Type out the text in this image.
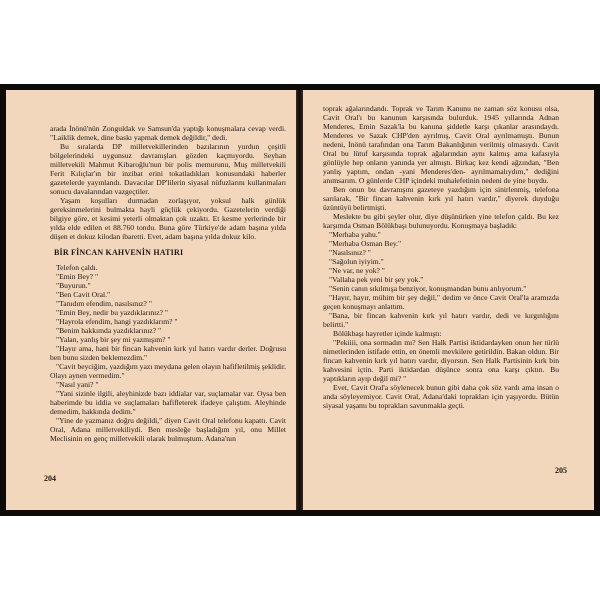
arada İnönü'nün Zonguldak ve Samsun'da yaptığı konuşmalara cevap verdi. "Laiklik demek, dine baskı yapmak demek değildir," dedi.

Bu sıralarda DP milletvekillerinden bazılarının yurdun çeşitli bölgelerindeki uygunsuz davranışları gözden kaçmıyordu. Seyhan milletvekili Mahmut Kibaroğlu'nun bir polis memurunu, Muş milletvekili Ferit Kılıçlar'ın bir inzibat erini tokatladıkları konusundaki haberler gazetelerde yayınlandı. Davacılar DP'lilerin siyasal nüfuzlarını kullanmaları sonucu davalarından vazgeçtiler.

Yaşam koşulları durmadan zorlaşıyor, yoksul halk günlük gereksinmelerini bulmakta hayli güçlük çekiyordu. Gazetelerin verdiği bilgiye göre, et kesimi yeterli olmaktan çok uzaktı. Et kesme yerlerinde bir yılda elde edilen et 88.760 tondu. Buna göre Türkiye'de adam başına yılda düşen et dokuz kilodan ibaretti. Evet, adam başına yılda dokuz kilo.

BİR FİNCAN KAHVENİN HATIRI

Telefon çaldı.

"Emin Bey? "

"Buyurun."

"Ben Cavit Oral."

"Tanıdım efendim, nasılsınız? "

"Emin Bey, nedir bu yazdıklarınız? "

"Hayrola efendim, hangi yazdıklarım? "

"Benim hakkımda yazdıklarınız? "

"Yalan, yanlış bir şey mi yazmışım? "

"Hayır ama, hani bir fincan kahvenin kırk yıl hatırı vardır derler. Doğrusu ben bunu sizden beklemezdim."

"Cavit beyciğim, yazdığım yazı meydana gelen olayın hafifletilmiş şeklidir. Olayı aynen vermedim."

"Nasıl yani? "

"Yani sizinle ilgili, aleyhinizde bazı iddialar var, suçlamalar var. Oysa ben haberimde bu iddia ve suçlamaları hafifleterek ifadeye çalıştım. Aleyhinde demedim, hakkında dedim."

"Yine de yazmanız doğru değildi," diyen Cavit Oral telefonu kapattı. Cavit Oral, Adana milletvekiliydi. Ben mesleğe başladığım yıl, onu Millet Meclisinin en genç milletvekili olarak bulmuştum. Adana'nın

204

toprak ağalarındandı. Toprak ve Tarım Kanunu ne zaman söz konusu olsa, Cavit Oral'ı bu kanunun karşısında bulurduk. 1945 yıllarında Adnan Menderes, Emin Sazak'la bu kanuna şiddetle karşı çıkanlar arasındaydı. Menderes ve Sazak CHP'den ayrılmış, Cavit Oral ayrılmamıştı. Bunun nedeni, İnönü tarafından ona Tarım Bakanlığının verilmiş olmasıydı. Cavit Oral bu lütuf karşısında toprak ağalarından aynı kalmış ama kafasıyla gönlüyle hep onların yanında yer almıştı. Birkaç kez kendi ağzından, "Ben yanlış yaptım, ondan -yani Menderes'den- ayrılmamalıydım," dediğini anımsarım. O günlerde CHP içindeki muhalefetinin nedeni de yine buydu.

Ben onun bu davranışını gazeteye yazdığım için sinirlenmiş, telefona sarılarak, "Bir fincan kahvenin kırk yıl hatırı vardır," diyerek duyduğu üzüntüyü belirtmişti.

Meslekte bu gibi şeyler olur, diye düşünürken yine telefon çaldı. Bu kez karşımda Osman Bölükbaşı bulunuyordu. Konuşmaya başladık:

"Merhaba yahu."

"Merhaba Osman Bey."

"Nasılsınız? "

"Sağolun iyiyim."

"Ne var, ne yok? "

"Vallaha pek yeni bir şey yok."

"Senin canın sıkılmışa benziyor, konuşmandan bunu anlıyorum."

"Hayır, hayır, mühim bir şey değil," dedim ve önce Cavit Oral'la aramızda geçen konuşmayı anlattım.

"Bana, bir fincan kahvenin kırk yıl hatırı vardır, dedi ve kırgınlığını belirtti."

Bölükbaşı hayretler içinde kalmıştı:

"Pekiiii, ona sormadın mı? Sen Halk Partisi iktidardayken onun her türlü nimetlerinden istifade ettin, en önemli mevkilere getirildin. Bakan oldun. Bir fincan kahvenin kırk yıl hatırı vardır, diyorsun. Sen Halk Partisinin kırk bin kahvesini içtin. Parti iktidardan düşünce sonra ona karşı çıktın. Bu yaptıkların ayıp değil mi? "

Evet, Cavit Oral'a söylenecek bunun gibi daha çok söz vardı ama insan o anda söyleyemiyor. Cavit Oral, Adana'daki toprakları için yaşıyordu. Bütün siyasal yaşamı bu toprakları savunmakla geçti.

205
